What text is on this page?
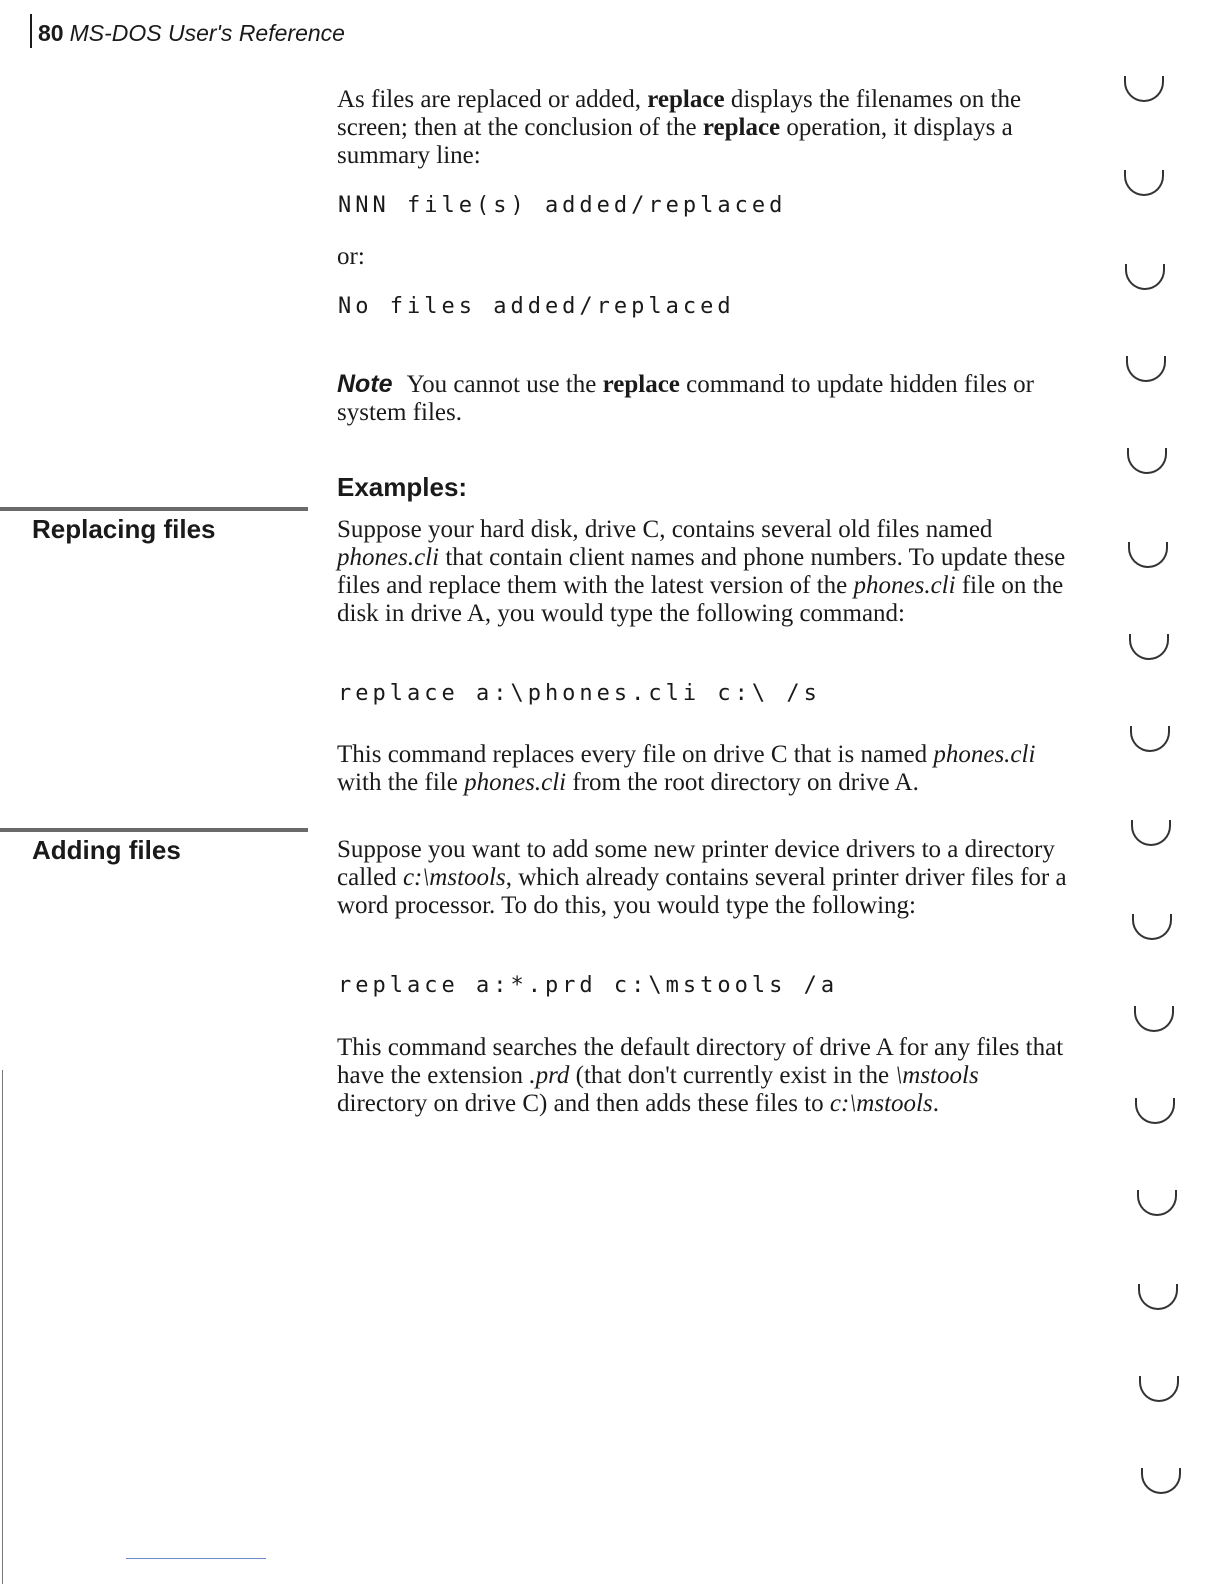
80 MS-DOS User's Reference
As files are replaced or added, replace displays the filenames on the screen; then at the conclusion of the replace operation, it displays a summary line:
NNN file(s) added/replaced
or:
No files added/replaced
Note You cannot use the replace command to update hidden files or system files.
Examples:
Replacing files	Suppose your hard disk, drive C, contains several old files named phones.cli that contain client names and phone numbers. To update these files and replace them with the latest version of the phones.cli file on the disk in drive A, you would type the following command:
replace a:\phones.cli c:\ /s
This command replaces every file on drive C that is named phones.cli with the file phones.cli from the root directory on drive A.
Adding files	Suppose you want to add some new printer device drivers to a directory called c:\mstools, which already contains several printer driver files for a word processor. To do this, you would type the following:
replace a:*.prd c:\mstools /a
This command searches the default directory of drive A for any files that have the extension .prd (that don't currently exist in the \mstools directory on drive C) and then adds these files to c:\mstools.
